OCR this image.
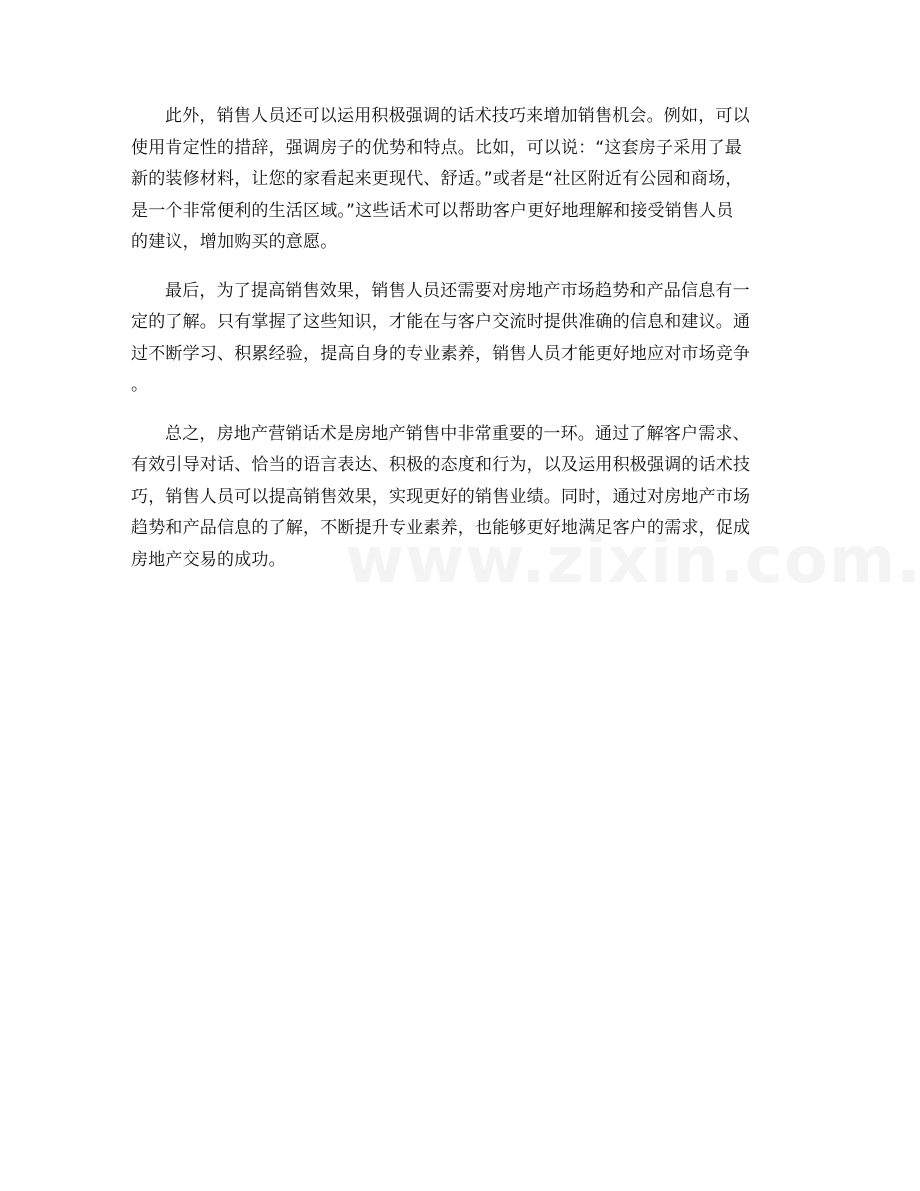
此外，销售人员还可以运用积极强调的话术技巧来增加销售机会。例如，可以
使用肯定性的措辞，强调房子的优势和特点。比如，可以说：“这套房子采用了最
新的装修材料，让您的家看起来更现代、舒适。”或者是“社区附近有公园和商场，
是一个非常便利的生活区域。”这些话术可以帮助客户更好地理解和接受销售人员
的建议，增加购买的意愿。

最后，为了提高销售效果，销售人员还需要对房地产市场趋势和产品信息有一
定的了解。只有掌握了这些知识，才能在与客户交流时提供准确的信息和建议。通
过不断学习、积累经验，提高自身的专业素养，销售人员才能更好地应对市场竞争
。

总之，房地产营销话术是房地产销售中非常重要的一环。通过了解客户需求、
有效引导对话、恰当的语言表达、积极的态度和行为，以及运用积极强调的话术技
巧，销售人员可以提高销售效果，实现更好的销售业绩。同时，通过对房地产市场
趋势和产品信息的了解，不断提升专业素养，也能够更好地满足客户的需求，促成
房地产交易的成功。
